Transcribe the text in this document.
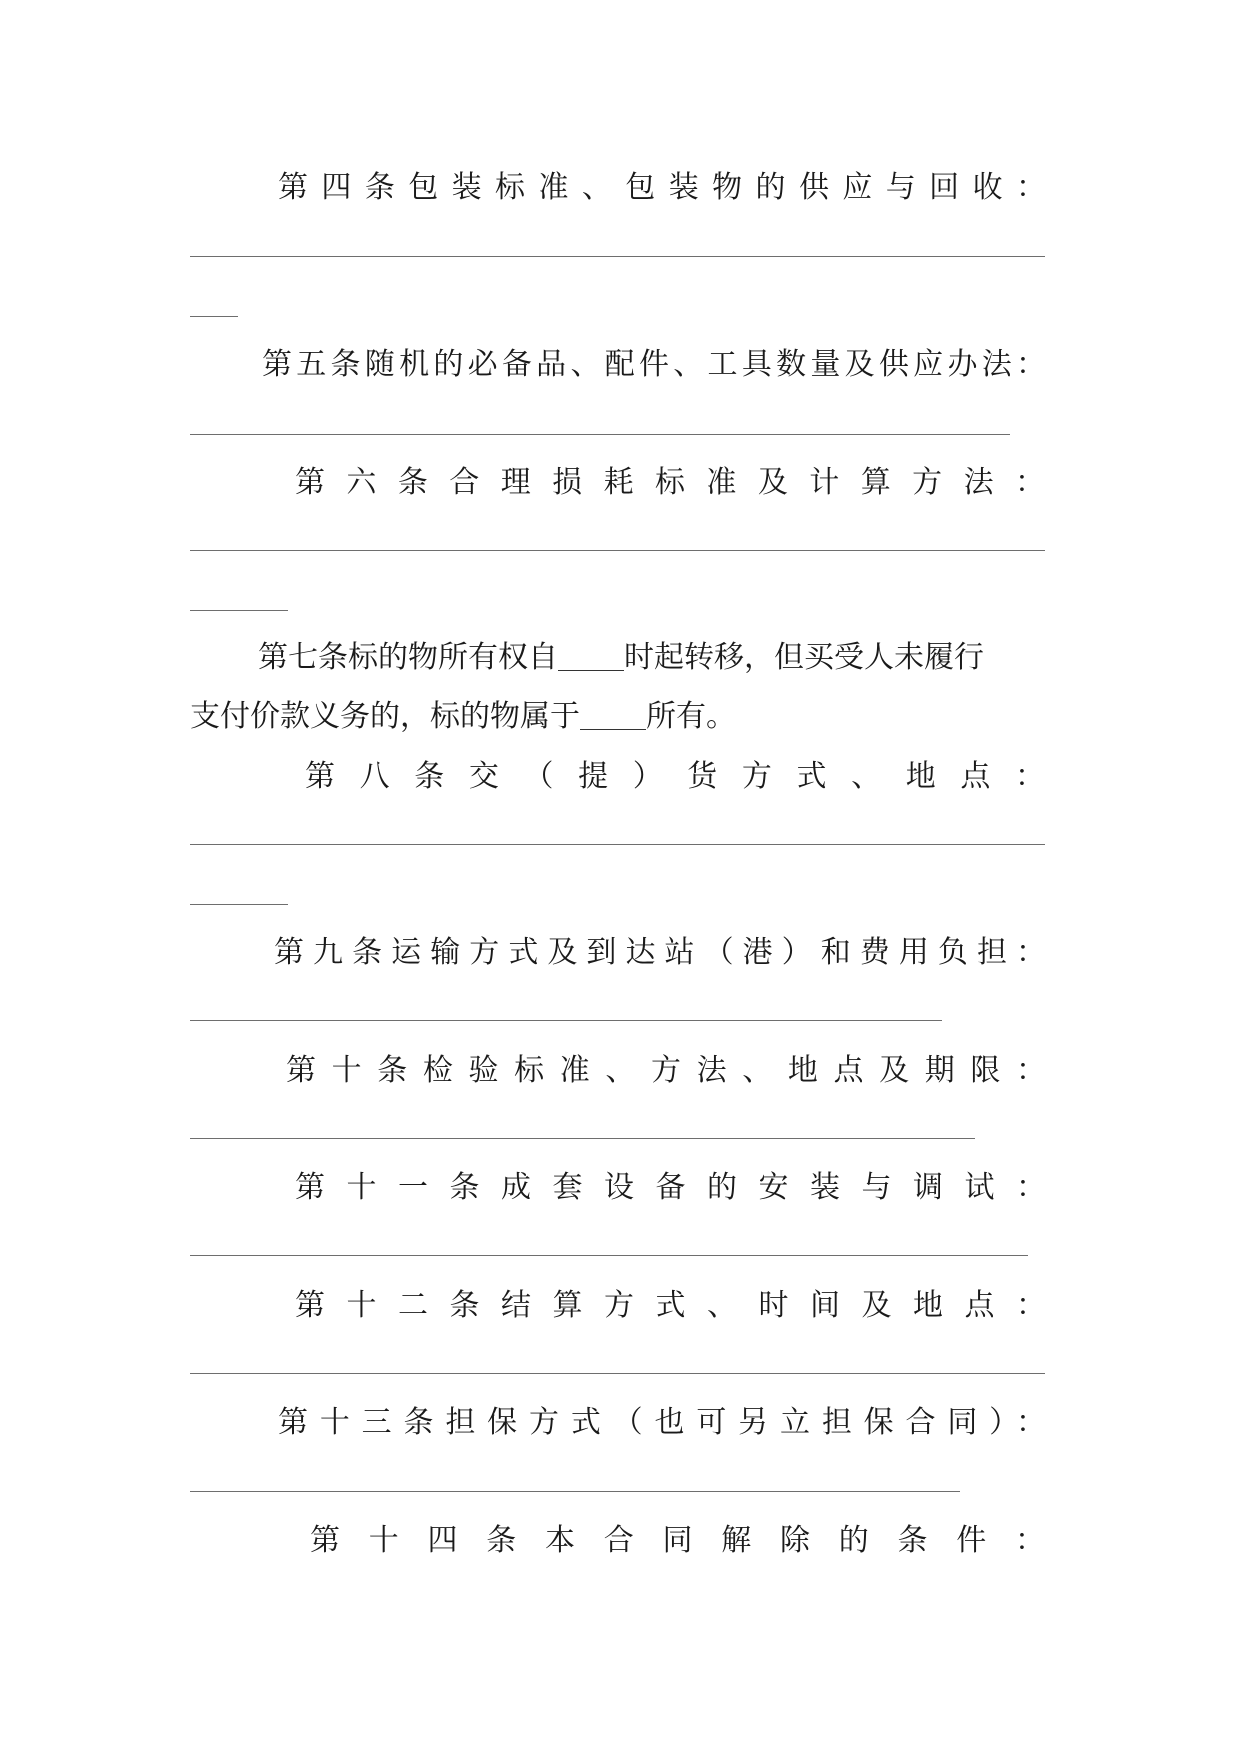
第四条包装标准、包装物的供应与回收：
第五条随机的必备品、配件、工具数量及供应办法：
第六条合理损耗标准及计算方法：
第七条标的物所有权自 时起转移，但买受人未履行
支付价款义务的，标的物属于 所有。
第八条交（提）货方式、地点：
第九条运输方式及到达站（港）和费用负担：
第十条检验标准、方法、地点及期限：
第十一条成套设备的安装与调试：
第十二条结算方式、时间及地点：
第十三条担保方式（也可另立担保合同）：
第十四条本合同解除的条件：
